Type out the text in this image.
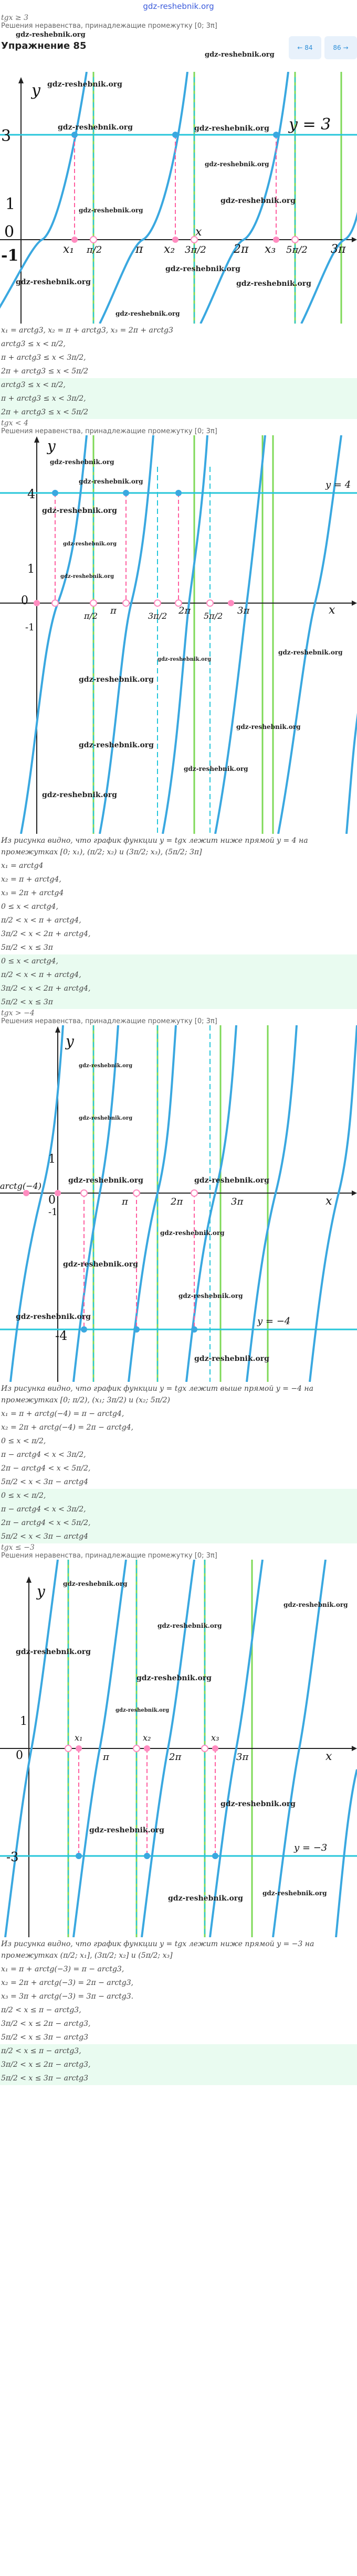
gdz-reshebnik.org
tgx ≥ 3
Решения неравенства, принадлежащие промежутку [0; 3π]
gdz-reshebnik.org
Упражнение 85
gdz-reshebnik.org
← 84	86 →
y
y = 3
3
1
-1
0
x₁ π/2	π x₂ 3π/2 2π x₃ 5π/2 3π
x
gdz-reshebnik.org
gdz-reshebnik.org	gdz-reshebnik.org
gdz-reshebnik.org
gdz-reshebnik.org
gdz-reshebnik.org
gdz-reshebnik.org
gdz-reshebnik.org	gdz-reshebnik.org
gdz-reshebnik.org
x₁ = arctg3, x₂ = π + arctg3, x₃ = 2π + arctg3
arctg3 ≤ x < π/2,
π + arctg3 ≤ x < 3π/2,
2π + arctg3 ≤ x < 5π/2
arctg3 ≤ x < π/2,
π + arctg3 ≤ x < 3π/2,
2π + arctg3 ≤ x < 5π/2
tgx < 4
Решения неравенства, принадлежащие промежутку [0; 3π]
y
y = 4
4
1
-1
0
π/2 π	3π/2 2π 5π/2 3π	x
gdz-reshebnik.org
gdz-reshebnik.org
gdz-reshebnik.org
gdz-reshebnik.org
gdz-reshebnik.org
gdz-reshebnik.org
gdz-reshebnik.org
gdz-reshebnik.org
gdz-reshebnik.org
gdz-reshebnik.org
gdz-reshebnik.org
gdz-reshebnik.org
Из рисунка видно, что график функции y = tgx лежит ниже прямой y = 4 на промежутках [0; x₁), (π/2; x₂) и (3π/2; x₃), (5π/2; 3π]
x₁ = arctg4
x₂ = π + arctg4,
x₃ = 2π + arctg4
0 ≤ x < arctg4,
π/2 < x < π + arctg4,
3π/2 < x < 2π + arctg4,
5π/2 < x ≤ 3π
0 ≤ x < arctg4,
π/2 < x < π + arctg4,
3π/2 < x < 2π + arctg4,
5π/2 < x ≤ 3π
tgx > −4
Решения неравенства, принадлежащие промежутку [0; 3π]
y
y = −4
-4
1
-1
0
arctg(−4)
π	2π	3π	x
gdz-reshebnik.org
gdz-reshebnik.org
gdz-reshebnik.org	gdz-reshebnik.org
gdz-reshebnik.org
gdz-reshebnik.org
gdz-reshebnik.org
gdz-reshebnik.org
gdz-reshebnik.org
Из рисунка видно, что график функции y = tgx лежит выше прямой y = −4 на промежутках [0; π/2), (x₁; 3π/2) и (x₂; 5π/2)
x₁ = π + arctg(−4) = π − arctg4,
x₂ = 2π + arctg(−4) = 2π − arctg4,
0 ≤ x < π/2,
π − arctg4 < x < 3π/2,
2π − arctg4 < x < 5π/2,
5π/2 < x < 3π − arctg4
0 ≤ x < π/2,
π − arctg4 < x < 3π/2,
2π − arctg4 < x < 5π/2,
5π/2 < x < 3π − arctg4
tgx ≤ −3
Решения неравенства, принадлежащие промежутку [0; 3π]
y
y = −3
-3
1
0
x₁
π
x₂
2π
x₃
3π	x
gdz-reshebnik.org
gdz-reshebnik.org
gdz-reshebnik.org
gdz-reshebnik.org
gdz-reshebnik.org
gdz-reshebnik.org
gdz-reshebnik.org
gdz-reshebnik.org
gdz-reshebnik.org
gdz-reshebnik.org
Из рисунка видно, что график функции y = tgx лежит ниже прямой y = −3 на промежутках (π/2; x₁], (3π/2; x₂] и (5π/2; x₃]
x₁ = π + arctg(−3) = π − arctg3,
x₂ = 2π + arctg(−3) = 2π − arctg3,
x₃ = 3π + arctg(−3) = 3π − arctg3.
π/2 < x ≤ π − arctg3,
3π/2 < x ≤ 2π − arctg3,
5π/2 < x ≤ 3π − arctg3
π/2 < x ≤ π − arctg3,
3π/2 < x ≤ 2π − arctg3,
5π/2 < x ≤ 3π − arctg3
